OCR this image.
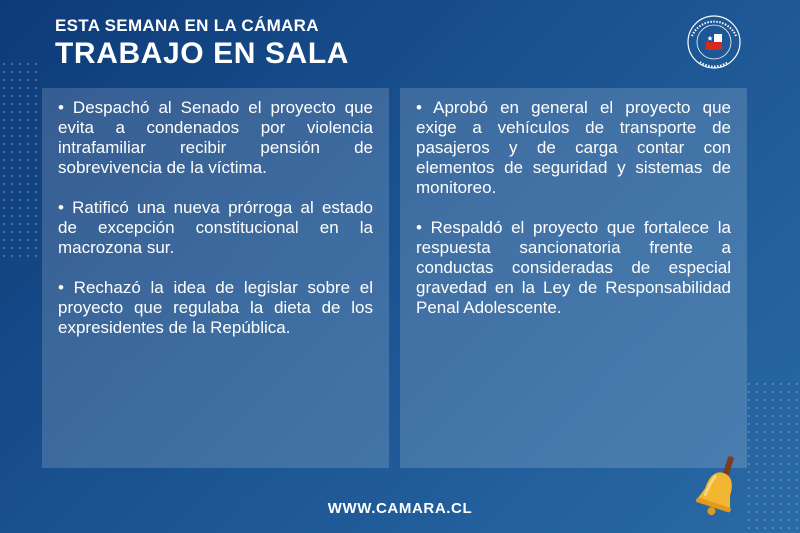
ESTA SEMANA EN LA CÁMARA
TRABAJO EN SALA

• Despachó al Senado el proyecto que evita a condenados por violencia intrafamiliar recibir pensión de sobrevivencia de la víctima.

• Ratificó una nueva prórroga al estado de excepción constitucional en la macrozona sur.

• Rechazó la idea de legislar sobre el proyecto que regulaba la dieta de los expresidentes de la República.

• Aprobó en general el proyecto que exige a vehículos de transporte de pasajeros y de carga contar con elementos de seguridad y sistemas de monitoreo.

• Respaldó el proyecto que fortalece la respuesta sancionatoria frente a conductas consideradas de especial gravedad en la Ley de Responsabilidad Penal Adolescente.

WWW.CAMARA.CL
